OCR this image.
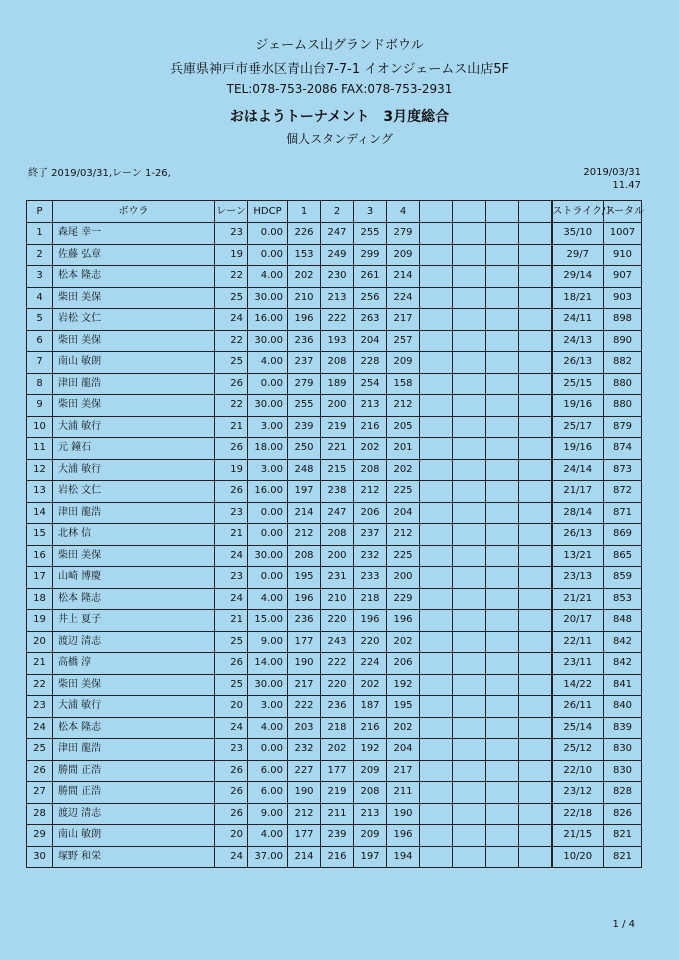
ジェームス山グランドボウル
兵庫県神戸市垂水区青山台7-7-1 イオンジェームス山店5F
TEL:078-753-2086 FAX:078-753-2931
おはようトーナメント　3月度総合
個人スタンディング
終了 2019/03/31,レーン 1-26,	2019/03/31
11.47
P	ボウラ	レーン	HDCP	1	2	3	4					ストライク/ス	トータル
1	森尾 幸一	23	0.00	226	247	255	279					35/10	1007
2	佐藤 弘章	19	0.00	153	249	299	209					29/7	910
3	松本 隆志	22	4.00	202	230	261	214					29/14	907
4	柴田 美保	25	30.00	210	213	256	224					18/21	903
5	岩松 文仁	24	16.00	196	222	263	217					24/11	898
6	柴田 美保	22	30.00	236	193	204	257					24/13	890
7	南山 敏朗	25	4.00	237	208	228	209					26/13	882
8	津田 龍浩	26	0.00	279	189	254	158					25/15	880
9	柴田 美保	22	30.00	255	200	213	212					19/16	880
10	大浦 敏行	21	3.00	239	219	216	205					25/17	879
11	元 鐘石	26	18.00	250	221	202	201					19/16	874
12	大浦 敏行	19	3.00	248	215	208	202					24/14	873
13	岩松 文仁	26	16.00	197	238	212	225					21/17	872
14	津田 龍浩	23	0.00	214	247	206	204					28/14	871
15	北林 信	21	0.00	212	208	237	212					26/13	869
16	柴田 美保	24	30.00	208	200	232	225					13/21	865
17	山崎 博慶	23	0.00	195	231	233	200					23/13	859
18	松本 隆志	24	4.00	196	210	218	229					21/21	853
19	井上 夏子	21	15.00	236	220	196	196					20/17	848
20	渡辺 清志	25	9.00	177	243	220	202					22/11	842
21	高橋 淳	26	14.00	190	222	224	206					23/11	842
22	柴田 美保	25	30.00	217	220	202	192					14/22	841
23	大浦 敏行	20	3.00	222	236	187	195					26/11	840
24	松本 隆志	24	4.00	203	218	216	202					25/14	839
25	津田 龍浩	23	0.00	232	202	192	204					25/12	830
26	勝間 正浩	26	6.00	227	177	209	217					22/10	830
27	勝間 正浩	26	6.00	190	219	208	211					23/12	828
28	渡辺 清志	26	9.00	212	211	213	190					22/18	826
29	南山 敏朗	20	4.00	177	239	209	196					21/15	821
30	塚野 和栄	24	37.00	214	216	197	194					10/20	821
1 / 4
